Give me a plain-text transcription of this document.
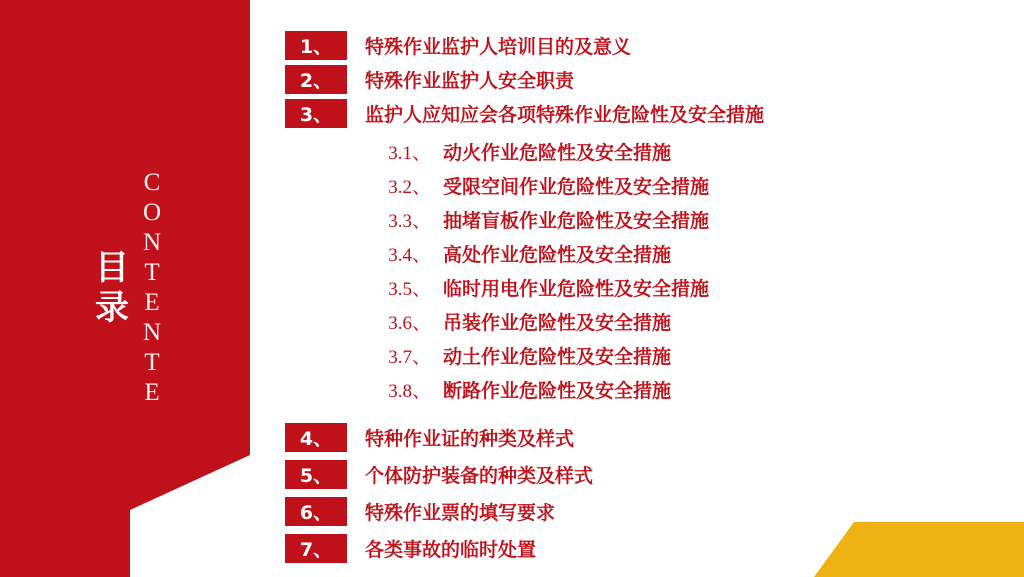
目录 CONTENTE
1、	特殊作业监护人培训目的及意义
2、	特殊作业监护人安全职责
3、	监护人应知应会各项特殊作业危险性及安全措施
3.1、 动火作业危险性及安全措施
3.2、 受限空间作业危险性及安全措施
3.3、 抽堵盲板作业危险性及安全措施
3.4、 高处作业危险性及安全措施
3.5、 临时用电作业危险性及安全措施
3.6、 吊装作业危险性及安全措施
3.7、 动土作业危险性及安全措施
3.8、 断路作业危险性及安全措施
4、	特种作业证的种类及样式
5、	个体防护装备的种类及样式
6、	特殊作业票的填写要求
7、	各类事故的临时处置
